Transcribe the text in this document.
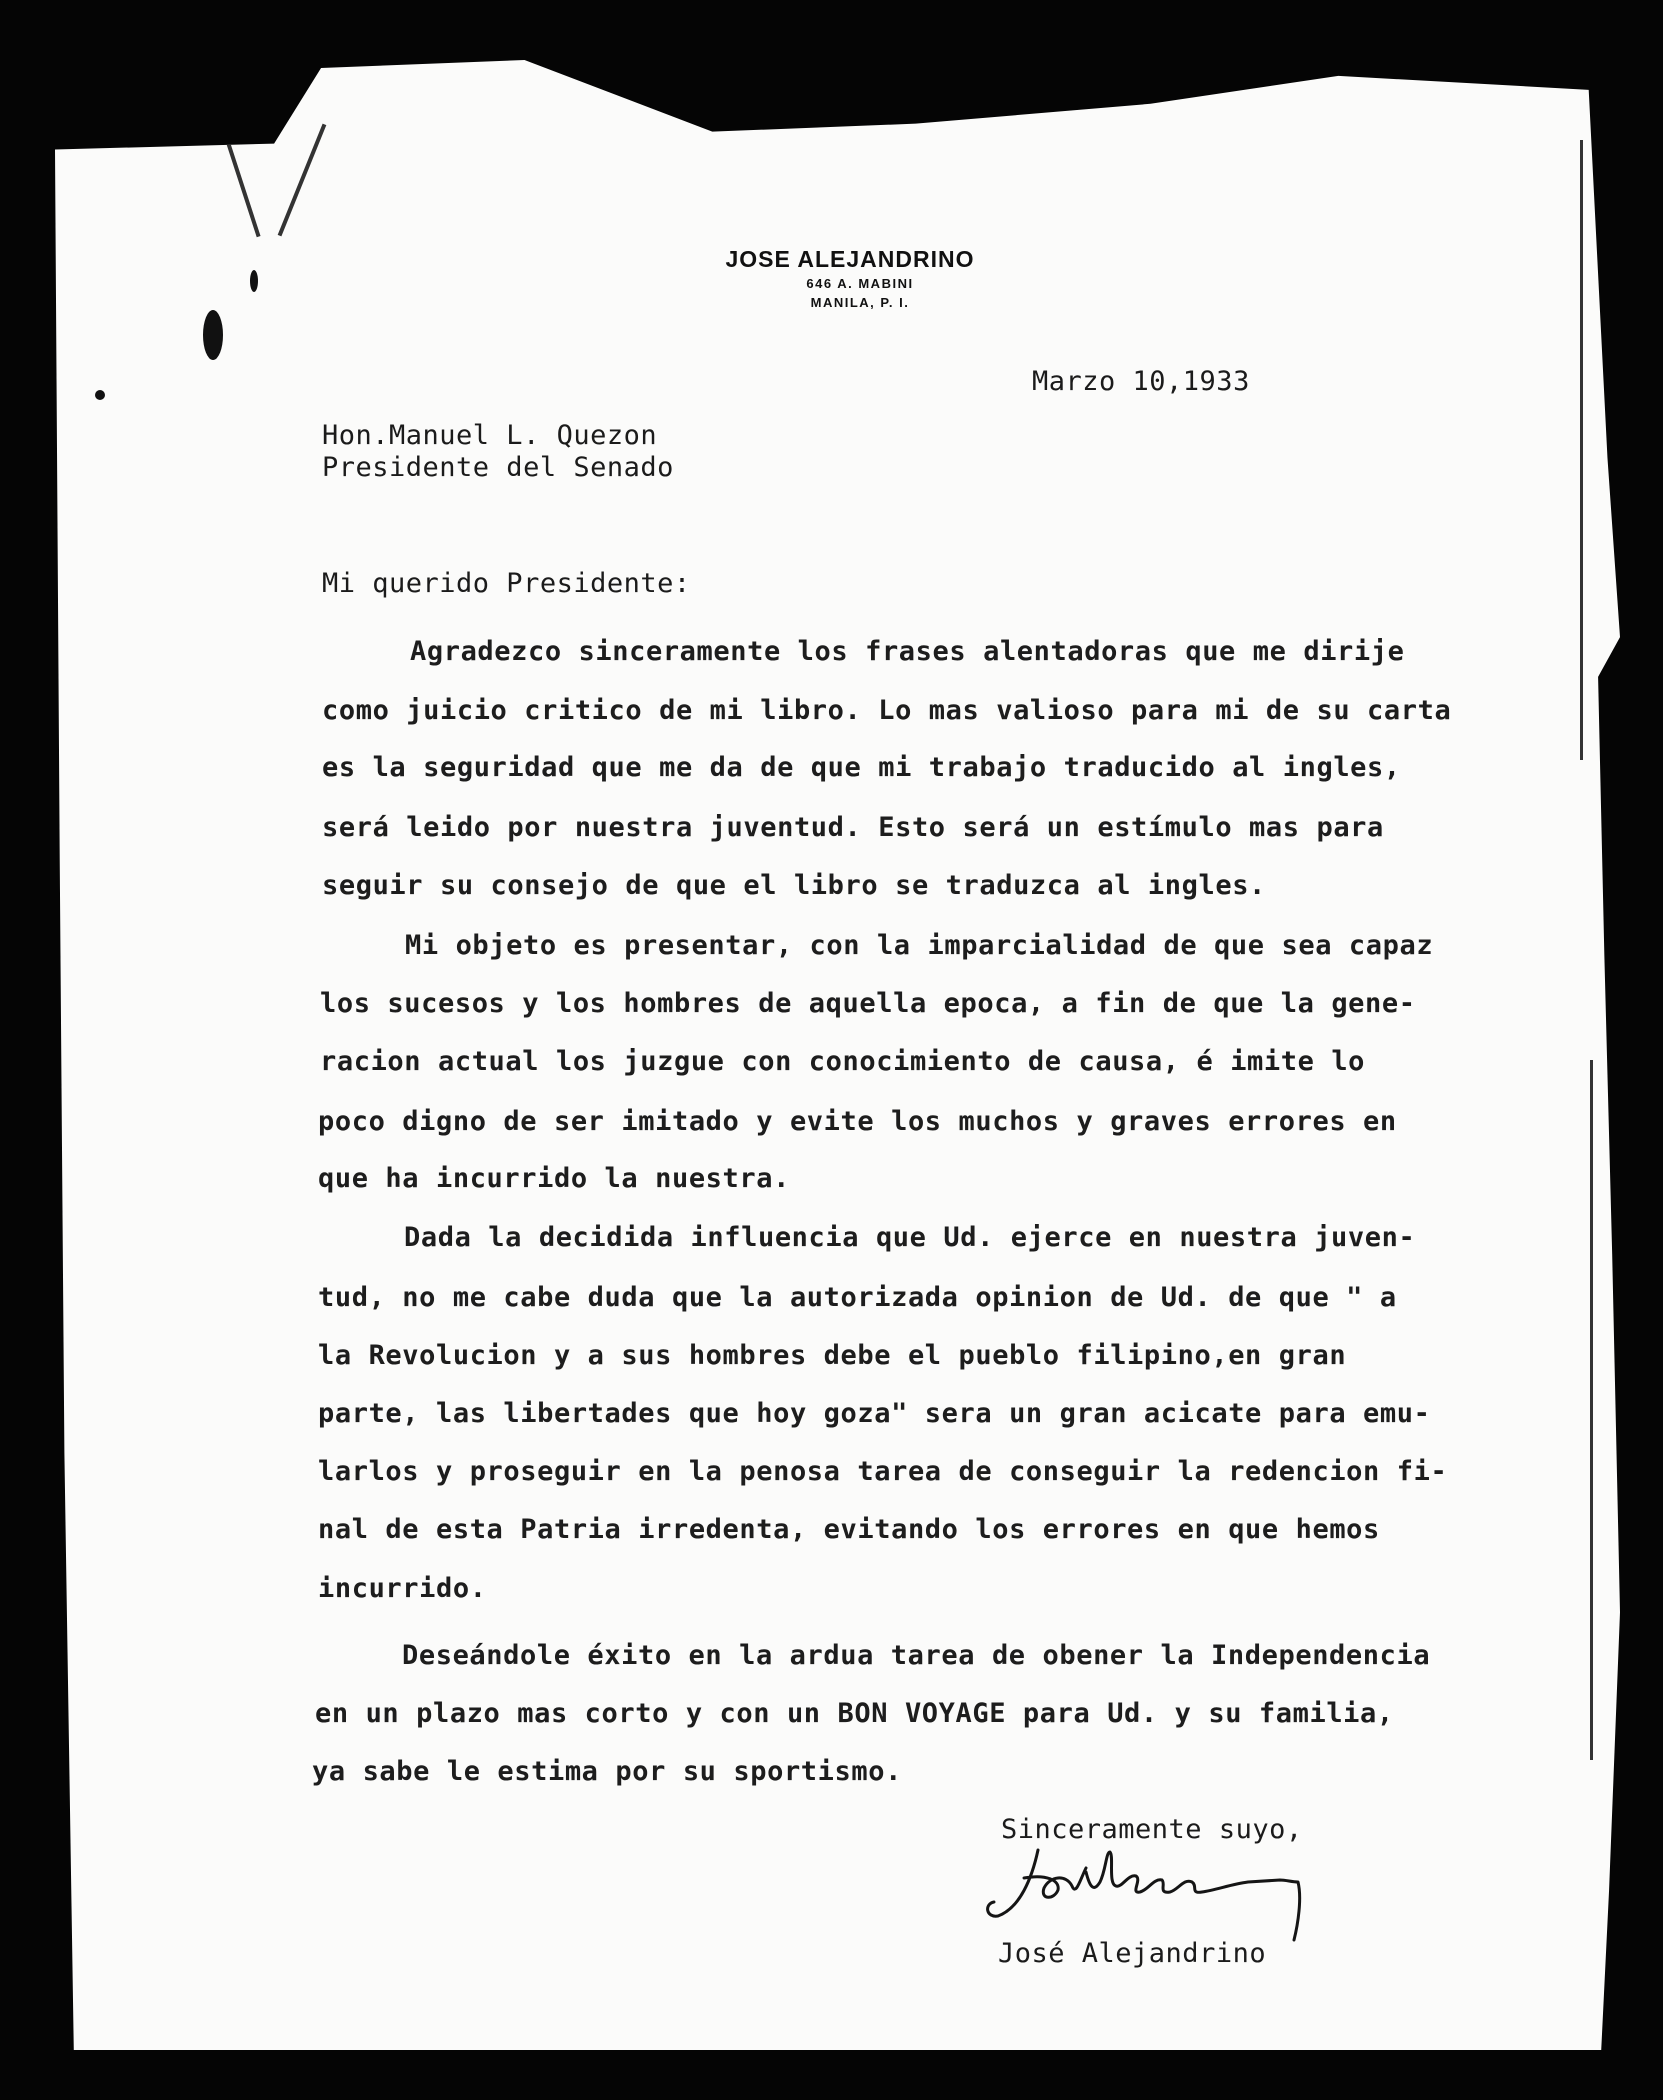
JOSE ALEJANDRINO
646 A. MABINI
MANILA, P. I.
Marzo 10,1933
Hon.Manuel L. Quezon
Presidente del Senado
Mi querido Presidente:
Agradezco sinceramente los frases alentadoras que me dirije
como juicio critico de mi libro. Lo mas valioso para mi de su carta
es la seguridad que me da de que mi trabajo traducido al ingles,
será leido por nuestra juventud. Esto será un estímulo mas para
seguir su consejo de que el libro se traduzca al ingles.
Mi objeto es presentar, con la imparcialidad de que sea capaz
los sucesos y los hombres de aquella epoca, a fin de que la gene-
racion actual los juzgue con conocimiento de causa, é imite lo
poco digno de ser imitado y evite los muchos y graves errores en
que ha incurrido la nuestra.
Dada la decidida influencia que Ud. ejerce en nuestra juven-
tud, no me cabe duda que la autorizada opinion de Ud. de que " a
la Revolucion y a sus hombres debe el pueblo filipino,en gran
parte, las libertades que hoy goza" sera un gran acicate para emu-
larlos y proseguir en la penosa tarea de conseguir la redencion fi-
nal de esta Patria irredenta, evitando los errores en que hemos
incurrido.
Deseándole éxito en la ardua tarea de obener la Independencia
en un plazo mas corto y con un BON VOYAGE para Ud. y su familia,
ya sabe le estima por su sportismo.
Sinceramente suyo,
José Alejandrino
